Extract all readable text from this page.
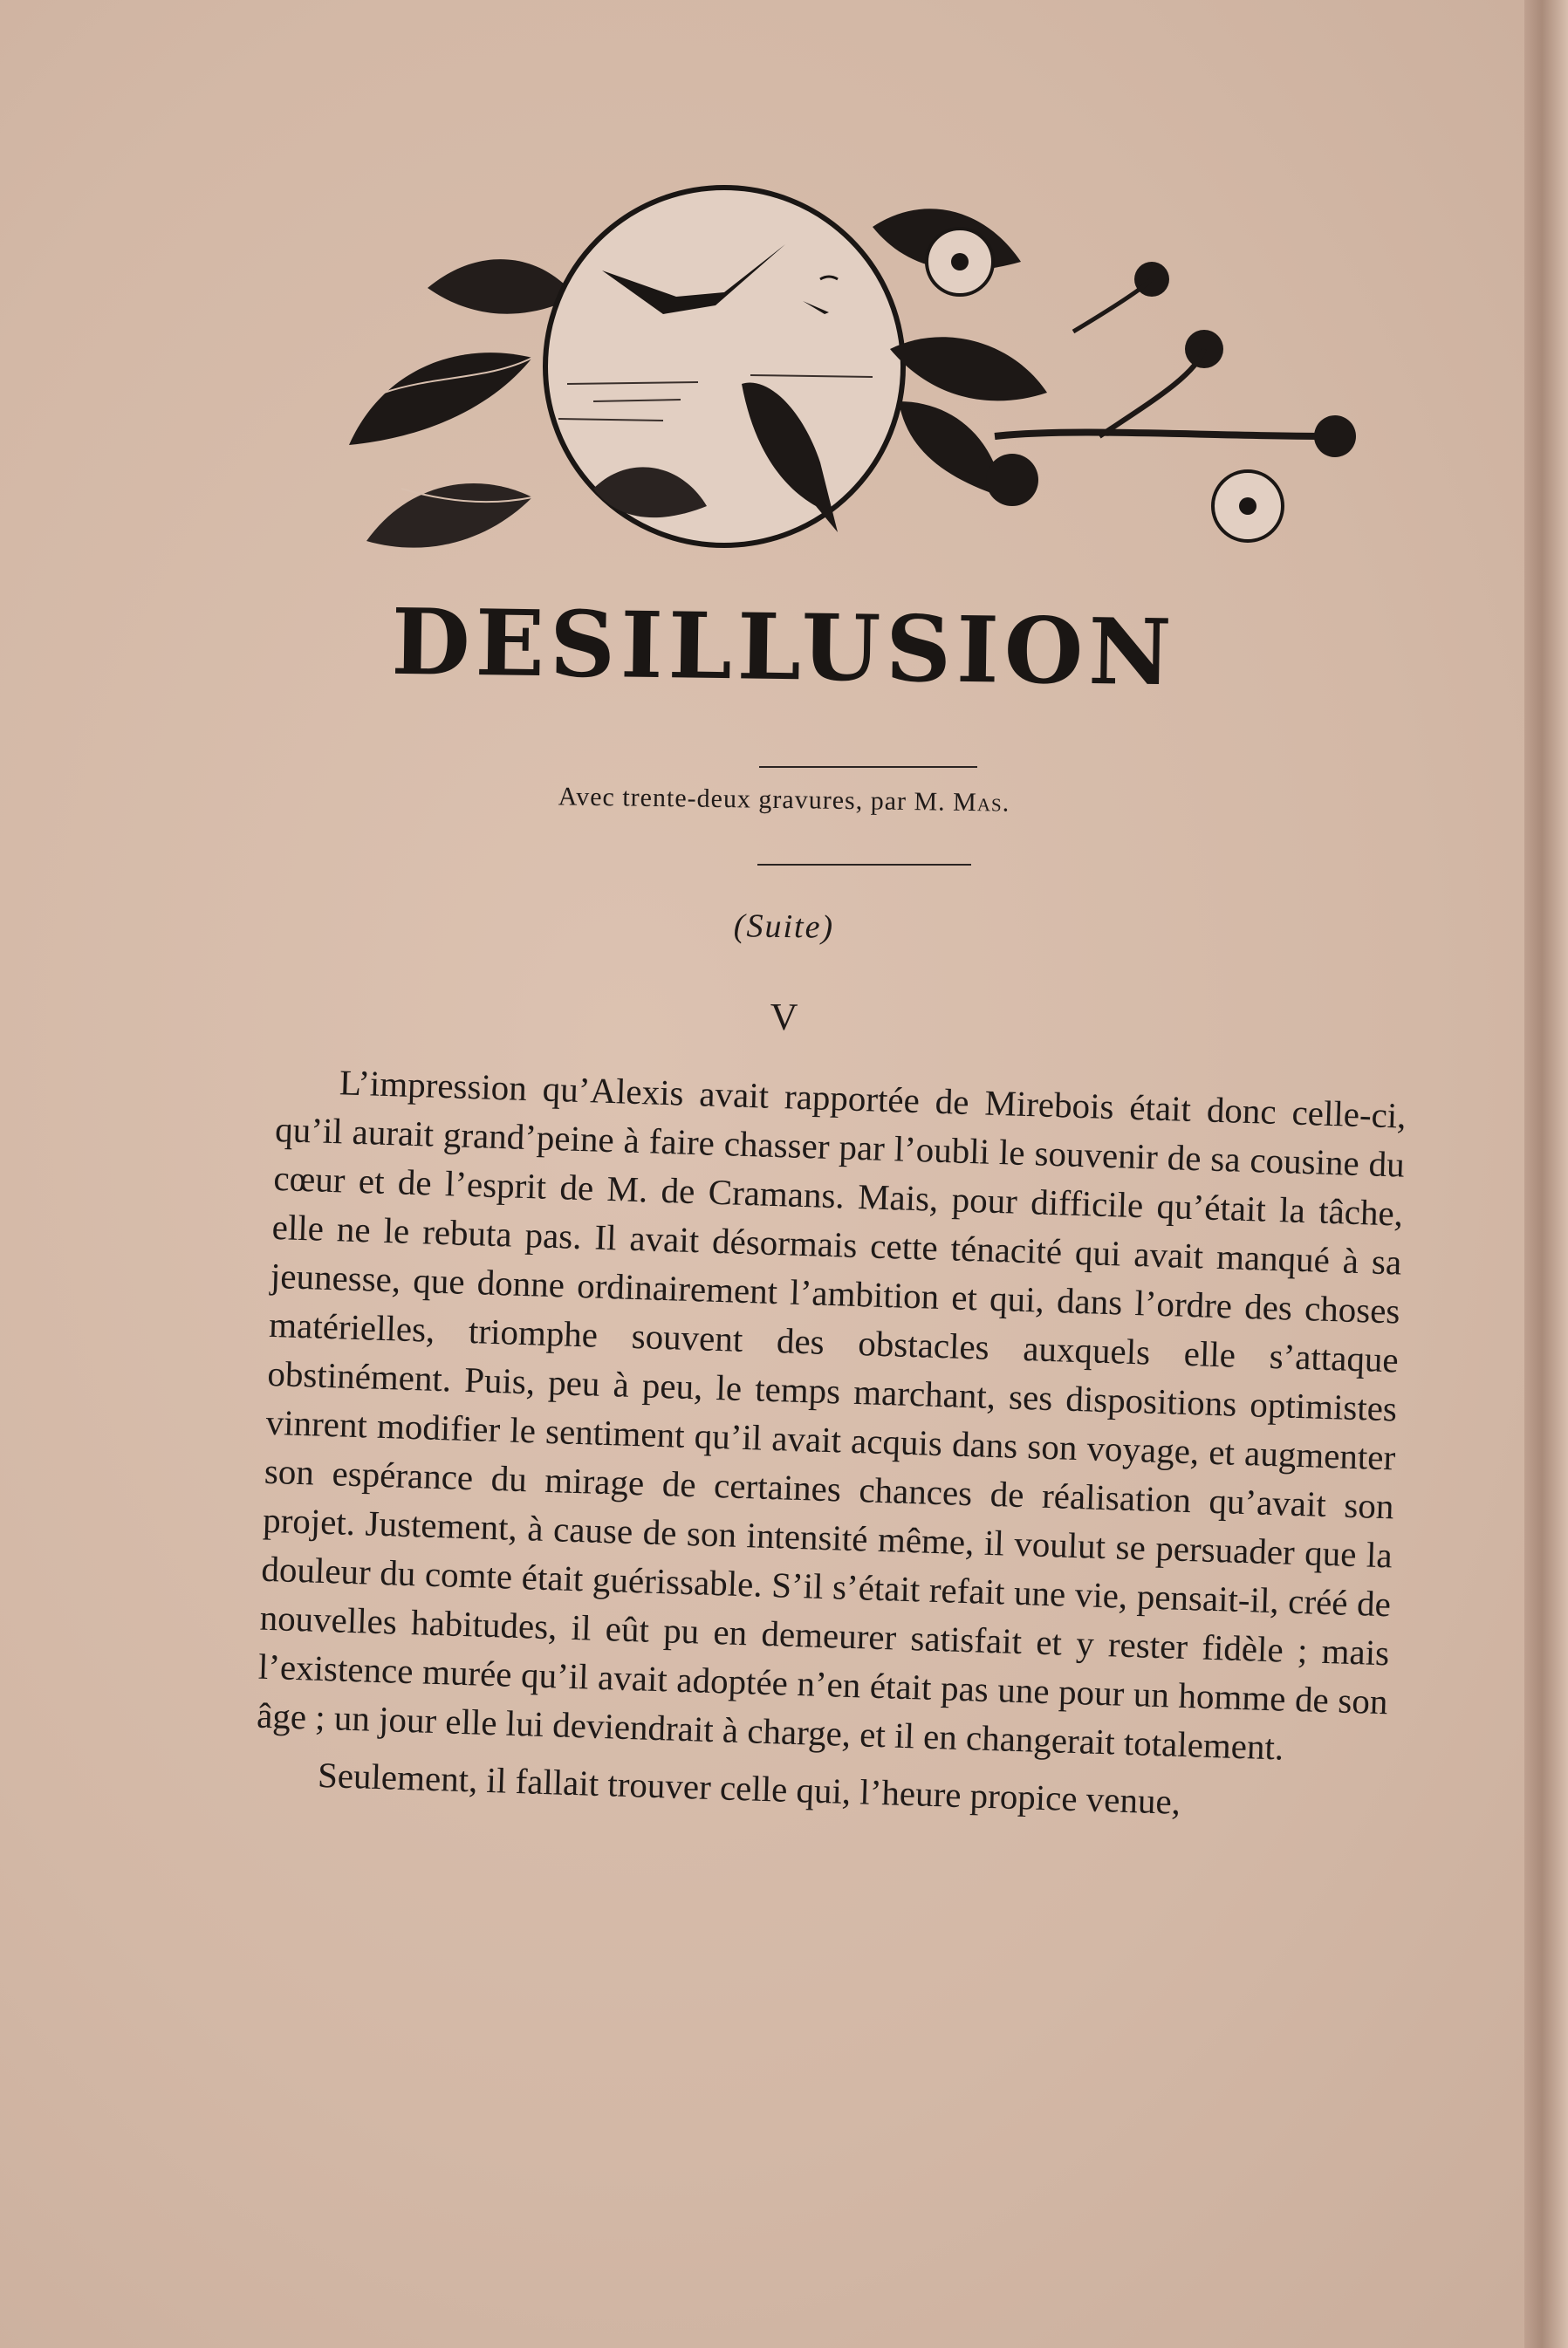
DESILLUSION
Avec trente-deux gravures, par M. Mas.
(Suite)
V

L’impression qu’Alexis avait rapportée de Mirebois était donc celle-ci, qu’il aurait grand’peine à faire chasser par l’oubli le souvenir de sa cousine du cœur et de l’esprit de M. de Cramans. Mais, pour difficile qu’était la tâche, elle ne le rebuta pas. Il avait désormais cette ténacité qui avait manqué à sa jeunesse, que donne ordinairement l’ambition et qui, dans l’ordre des choses matérielles, triomphe souvent des obstacles auxquels elle s’attaque obstinément. Puis, peu à peu, le temps marchant, ses dispositions optimistes vinrent modifier le sentiment qu’il avait acquis dans son voyage, et augmenter son espérance du mirage de certaines chances de réalisation qu’avait son projet. Justement, à cause de son intensité même, il voulut se persuader que la douleur du comte était guérissable. S’il s’était refait une vie, pensait-il, créé de nouvelles habitudes, il eût pu en demeurer satisfait et y rester fidèle ; mais l’existence murée qu’il avait adoptée n’en était pas une pour un homme de son âge ; un jour elle lui deviendrait à charge, et il en changerait totalement.

Seulement, il fallait trouver celle qui, l’heure propice venue,
